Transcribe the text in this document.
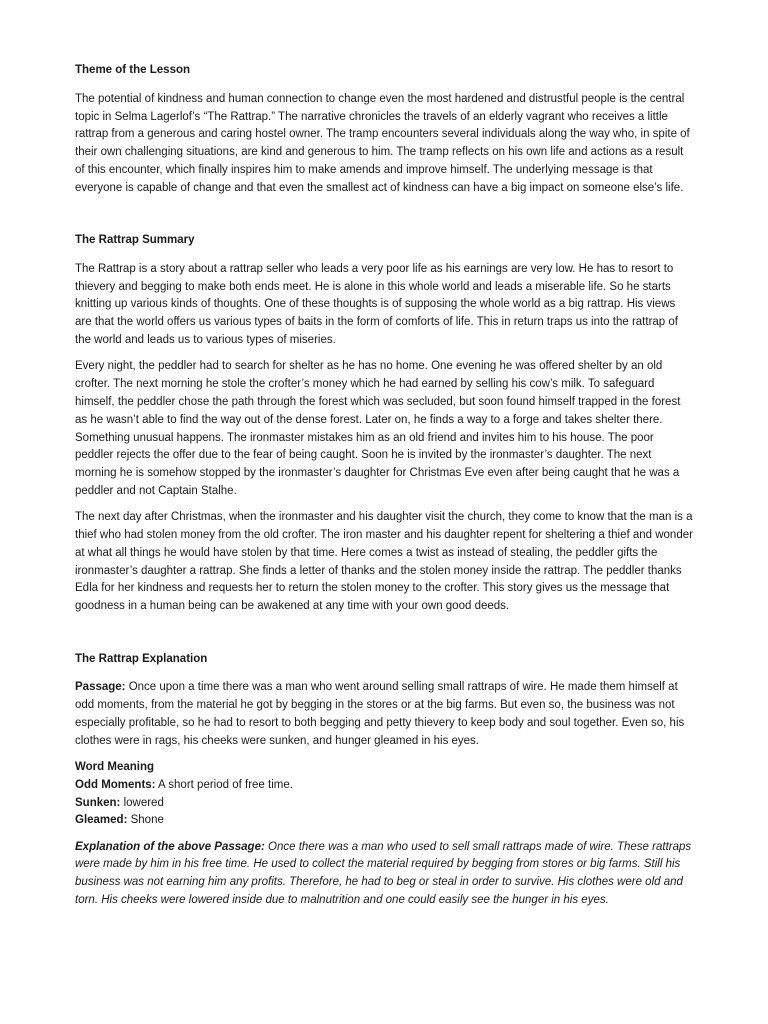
Theme of the Lesson

The potential of kindness and human connection to change even the most hardened and distrustful people is the central topic in Selma Lagerlof’s “The Rattrap.” The narrative chronicles the travels of an elderly vagrant who receives a little rattrap from a generous and caring hostel owner. The tramp encounters several individuals along the way who, in spite of their own challenging situations, are kind and generous to him. The tramp reflects on his own life and actions as a result of this encounter, which finally inspires him to make amends and improve himself. The underlying message is that everyone is capable of change and that even the smallest act of kindness can have a big impact on someone else’s life.

The Rattrap Summary

The Rattrap is a story about a rattrap seller who leads a very poor life as his earnings are very low. He has to resort to thievery and begging to make both ends meet. He is alone in this whole world and leads a miserable life. So he starts knitting up various kinds of thoughts. One of these thoughts is of supposing the whole world as a big rattrap. His views are that the world offers us various types of baits in the form of comforts of life. This in return traps us into the rattrap of the world and leads us to various types of miseries.

Every night, the peddler had to search for shelter as he has no home. One evening he was offered shelter by an old crofter. The next morning he stole the crofter’s money which he had earned by selling his cow’s milk. To safeguard himself, the peddler chose the path through the forest which was secluded, but soon found himself trapped in the forest as he wasn’t able to find the way out of the dense forest. Later on, he finds a way to a forge and takes shelter there. Something unusual happens. The ironmaster mistakes him as an old friend and invites him to his house. The poor peddler rejects the offer due to the fear of being caught. Soon he is invited by the ironmaster’s daughter. The next morning he is somehow stopped by the ironmaster’s daughter for Christmas Eve even after being caught that he was a peddler and not Captain Stalhe.

The next day after Christmas, when the ironmaster and his daughter visit the church, they come to know that the man is a thief who had stolen money from the old crofter. The iron master and his daughter repent for sheltering a thief and wonder at what all things he would have stolen by that time. Here comes a twist as instead of stealing, the peddler gifts the ironmaster’s daughter a rattrap. She finds a letter of thanks and the stolen money inside the rattrap. The peddler thanks Edla for her kindness and requests her to return the stolen money to the crofter. This story gives us the message that goodness in a human being can be awakened at any time with your own good deeds.

The Rattrap Explanation

Passage: Once upon a time there was a man who went around selling small rattraps of wire. He made them himself at odd moments, from the material he got by begging in the stores or at the big farms. But even so, the business was not especially profitable, so he had to resort to both begging and petty thievery to keep body and soul together. Even so, his clothes were in rags, his cheeks were sunken, and hunger gleamed in his eyes.

Word Meaning
Odd Moments: A short period of free time.
Sunken: lowered
Gleamed: Shone

Explanation of the above Passage: Once there was a man who used to sell small rattraps made of wire. These rattraps were made by him in his free time. He used to collect the material required by begging from stores or big farms. Still his business was not earning him any profits. Therefore, he had to beg or steal in order to survive. His clothes were old and torn. His cheeks were lowered inside due to malnutrition and one could easily see the hunger in his eyes.
